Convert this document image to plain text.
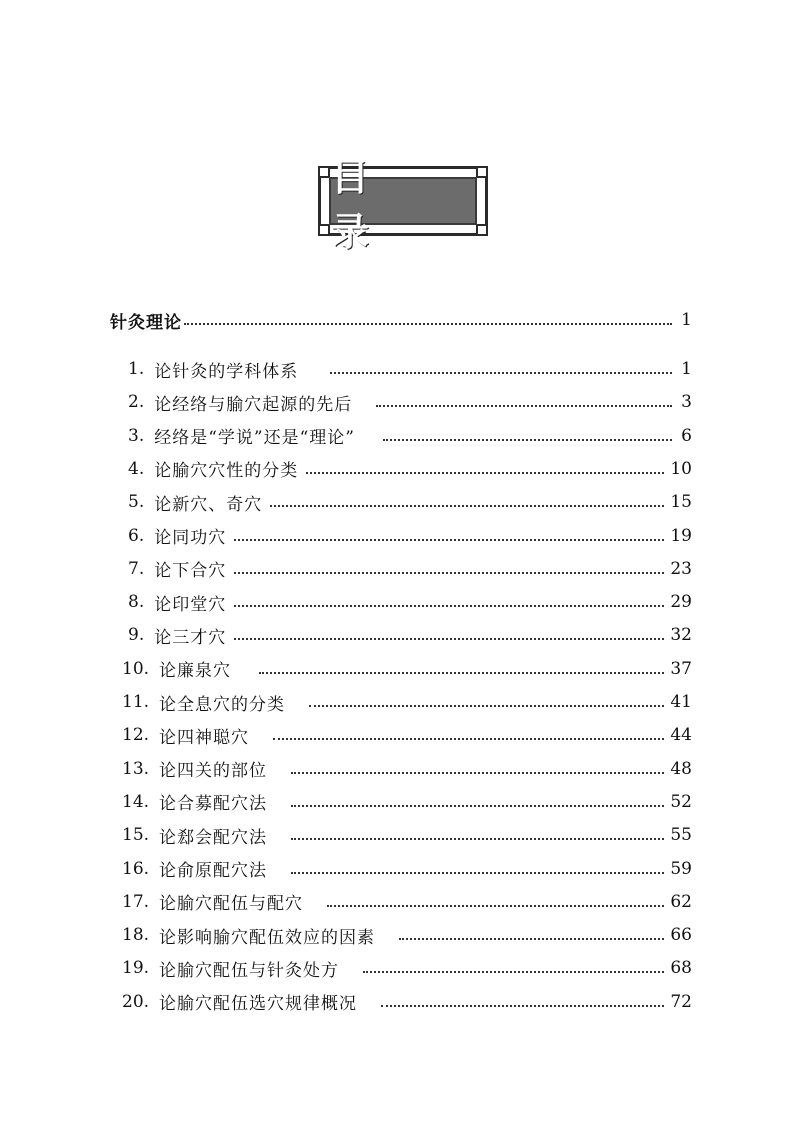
目 录
针灸理论	1
1. 论针灸的学科体系	1
2. 论经络与腧穴起源的先后	3
3. 经络是“学说”还是“理论”	6
4. 论腧穴穴性的分类	10
5. 论新穴、奇穴	15
6. 论同功穴	19
7. 论下合穴	23
8. 论印堂穴	29
9. 论三才穴	32
10. 论廉泉穴	37
11. 论全息穴的分类	41
12. 论四神聪穴	44
13. 论四关的部位	48
14. 论合募配穴法	52
15. 论郄会配穴法	55
16. 论俞原配穴法	59
17. 论腧穴配伍与配穴	62
18. 论影响腧穴配伍效应的因素	66
19. 论腧穴配伍与针灸处方	68
20. 论腧穴配伍选穴规律概况	72
